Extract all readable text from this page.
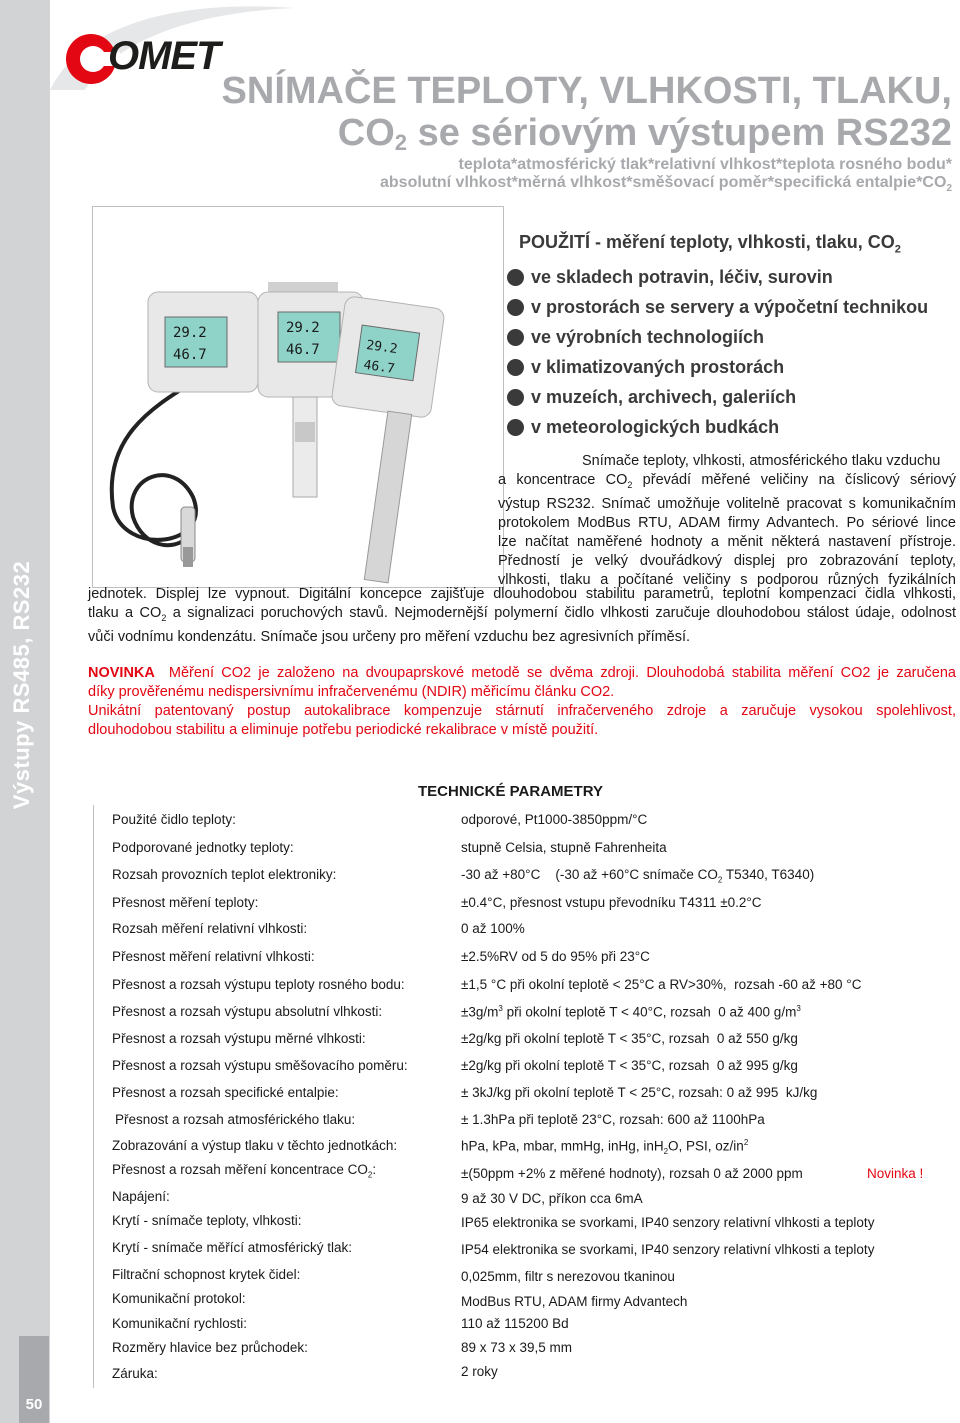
Výstupy RS485, RS232
50
OMET
SNÍMAČE TEPLOTY, VLHKOSTI, TLAKU,
$CO_2$ se sériovým výstupem RS232
teplota*atmosférický tlak*relativní vlhkost*teplota rosného bodu*
absolutní vlhkost*měrná vlhkost*směšovací poměr*specifická $entalpie*CO_2$
29.2
46.7
29.2
46.7	29.2
46.7
POUŽITÍ - měření teploty, vlhkosti, tlaku, $CO_2$
ve skladech potravin, léčiv, surovin
v prostorách se servery a výpočetní technikou
ve výrobních technologiích
v klimatizovaných prostorách
v muzeích, archivech, galeriích
v meteorologických budkách
Snímače teploty, vlhkosti, atmosférického tlaku vzduchu
a koncentrace $CO_2$ převádí měřené veličiny na číslicový sériový
výstup RS232. Snímač umožňuje volitelně pracovat s komunikačním
protokolem ModBus RTU, ADAM firmy Advantech. Po sériové lince
lze načítat naměřené hodnoty a měnit některá nastavení přístroje.
Předností je velký dvouřádkový displej pro zobrazování teploty,
vlhkosti, tlaku a počítané veličiny s podporou různých fyzikálních
jednotek. Displej lze vypnout. Digitální koncepce zajišťuje dlouhodobou stabilitu parametrů, teplotní kompenzaci čidla vlhkosti,
tlaku a $CO_2$ a signalizaci poruchových stavů. Nejmodernější polymerní čidlo vlhkosti zaručuje dlouhodobou stálost údaje, odolnost
vůči vodnímu kondenzátu. Snímače jsou určeny pro měření vzduchu bez agresivních příměsí.
NOVINKA Měření CO2 je založeno na dvoupaprskové metodě se dvěma zdroji. Dlouhodobá stabilita měření CO2 je zaručena
díky prověřenému nedispersivnímu infračervenému (NDIR) měřicímu článku CO2.
Unikátní patentovaný postup autokalibrace kompenzuje stárnutí infračerveného zdroje a zaručuje vysokou spolehlivost,
dlouhodobou stabilitu a eliminuje potřebu periodické rekalibrace v místě použití.
TECHNICKÉ PARAMETRY
Použité čidlo teploty:	odporové, Pt1000-3850ppm/°C
Podporované jednotky teploty:	stupně Celsia, stupně Fahrenheita
Rozsah provozních teplot elektroniky:	-30 až +80°C    (-30 až +60°C snímače $CO_2$ T5340, T6340)
Přesnost měření teploty:	±0.4°C, přesnost vstupu převodníku T4311 ±0.2°C
Rozsah měření relativní vlhkosti:	0 až 100%
Přesnost měření relativní vlhkosti:	±2.5%RV od 5 do 95% při 23°C
Přesnost a rozsah výstupu teploty rosného bodu:	±1,5 °C při okolní teplotě < 25°C a RV>30%,  rozsah -60 až +80 °C
Přesnost a rozsah výstupu absolutní vlhkosti:	$\pm 3g/m^3$ při okolní teplotě T < 40°C, rozsah  0 až 400 $g/m^3$
Přesnost a rozsah výstupu měrné vlhkosti:	±2g/kg při okolní teplotě T < 35°C, rozsah  0 až 550 g/kg
Přesnost a rozsah výstupu směšovacího poměru:	±2g/kg při okolní teplotě T < 35°C, rozsah  0 až 995 g/kg
Přesnost a rozsah specifické entalpie:	± 3kJ/kg při okolní teplotě T < 25°C, rozsah: 0 až 995  kJ/kg
Přesnost a rozsah atmosférického tlaku:	± 1.3hPa při teplotě 23°C, rozsah: 600 až 1100hPa
Zobrazování a výstup tlaku v těchto jednotkách:	hPa, kPa, mbar, mmHg, inHg, inH$_2$O, PSI, $oz/in^2$
Přesnost a rozsah měření koncentrace $CO_2$:	±(50ppm +2% z měřené hodnoty), rozsah 0 až 2000 ppm	Novinka !
Napájení:	9 až 30 V DC, příkon cca 6mA
Krytí - snímače teploty, vlhkosti:	IP65 elektronika se svorkami, IP40 senzory relativní vlhkosti a teploty
Krytí - snímače měřící atmosférický tlak:	IP54 elektronika se svorkami, IP40 senzory relativní vlhkosti a teploty
Filtrační schopnost krytek čidel:	0,025mm, filtr s nerezovou tkaninou
Komunikační protokol:	ModBus RTU, ADAM firmy Advantech
Komunikační rychlosti:	110 až 115200 Bd
Rozměry hlavice bez průchodek:	89 x 73 x 39,5 mm
Záruka:	2 roky
